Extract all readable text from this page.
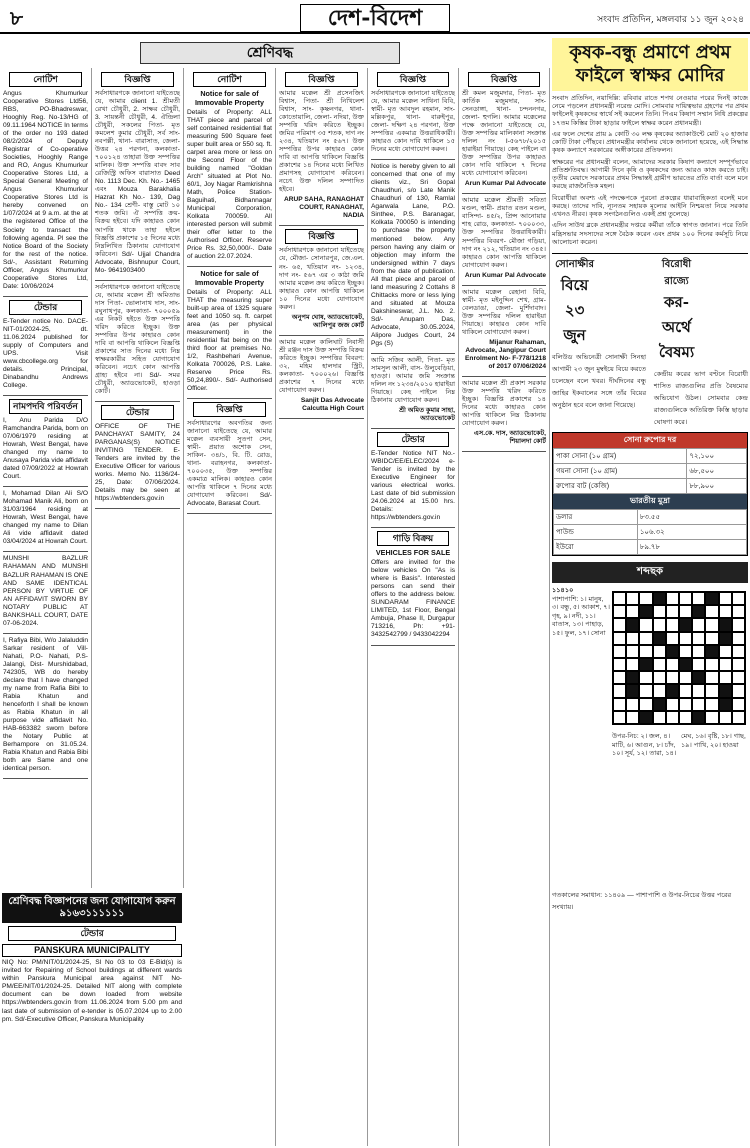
৮	দেশ-বিদেশ	সংবাদ প্রতিদিন, মঙ্গলবার ১১ জুন ২০২৪
শ্রেণিবদ্ধ
নোটিশ

Angus Khumurkur Cooperative Stores Ltd56, RBS, PO-Bhadreswar, Hooghly Reg. No-13/HG of 09.11.1964 NOTICE In terms of the order no 193 dated 08/2/2024 of Deputy Registrar of Co-operative Societies, Hooghly Range and RO, Angus Khumurkur Cooperative Stores Ltd, a Special General Meeting of Angus Khumurkur Cooperative Stores Ltd is hereby convened on 1/07/2024 at 9 a.m. at the at the registered Office of the Society to transact the following agenda. Pl see the Notice Board of the Society for the rest of the notice. Sd/-, Assistant Returning Officer, Angus Khumurkur Cooperative Stores Ltd, Date: 10/06/2024

টেন্ডার

E-Tender notice No. DACE-NIT-01/2024-25, dt. 11.06.2024 published for supply of Computers and UPS. Visit www.cbcollege.org for details. Principal, Dinabandhu Andrews College.

নামপদবি পরিবর্তন

I, Anu Parida D/O Ramchandra Parida, born on 07/06/1979 residing at Howrah, West Bengal, have changed my name to Anusaya Parida vide affidavit dated 07/09/2022 at Howrah Court.

I, Mohamad Dilan Ali S/O Mohamad Manik Ali, born on 31/03/1964 residing at Howrah, West Bengal, have changed my name to Dilan Ali vide affidavit dated 03/04/2024 at Howrah Court.

MUNSHI BAZLUR RAHAMAN AND MUNSHI BAZLUR RAHAMAN IS ONE AND SAME IDENTICAL PERSON BY VIRTUE OF AN AFFIDAVIT SWORN BY NOTARY PUBLIC AT BANKSHALL COURT, DATE 07-06-2024.

I, Rafiya Bibi, W/o Jalaluddin Sarkar resident of Vill- Nahati, P.O- Nahati, P.S- Jalangi, Dist- Murshidabad, 742305, WB do hereby declare that I have changed my name from Rafia Bibi to Rabia Khatun and henceforth I shall be known as Rabia Khatun in all purpose vide affidavit No. HAB-663382 sworn before the Notary Public at Berhampore on 31.05.24. Rabia Khatun and Rabia Bibi both are Same and one identical person.

বিজ্ঞপ্তি

সর্বসাধারণকে জানানো যাইতেছে যে, আমার client 1. শ্রীমতী রেখা চৌধুরী, 2. সাক্ষর চৌধুরী, 3. সায়ন্তনী চৌধুরী, 4. ঐন্দ্রিলা চৌধুরী, সকলের পিতা- মৃত কমলেশ কুমার চৌধুরী, সর্ব সাং- নবপল্লী, থানা- বারাসাত, জেলা- উত্তর ২৪ পরগনা, কলকাতা- ৭০০১২৪ তাহারা উক্ত সম্পত্তির মালিক। উক্ত সম্পত্তি বাবদ সাব রেজিস্ট্রি অফিস বারাসাত Deed No. 1113 Dec. Kh. No.- 1465 এবং Mouza Barakhalia Hazrat Kh No.- 139, Dag No.- 134 শ্রেণী- বাস্তু মোট ১০ শতক জমি। ঐ সম্পত্তি ক্রয়-বিক্রয় হইবে। যদি কাহারও কোন আপত্তি থাকে তাহা হইলে বিজ্ঞপ্তি প্রকাশের ১৫ দিনের মধ্যে নিম্নলিখিত ঠিকানায় যোগাযোগ করিবেন। Sd/- Ujjal Chandra Advocate, Bishnupur Court, Mo- 9641903400

সর্বসাধারণকে জানানো যাইতেছে যে, আমার মক্কেল শ্রী অমিতাভ দাস পিতা- ভোলানাথ দাস, সাং- রঘুনাথপুর, কলকাতা- ৭০০০৫৯ এর নিকট হইতে উক্ত সম্পত্তি খরিদ করিতে ইচ্ছুক। উক্ত সম্পত্তির উপর কাহারও কোন দাবি বা আপত্তি থাকিলে বিজ্ঞপ্তি প্রকাশের সাত দিনের মধ্যে নিম্ন স্বাক্ষরকারীর সহিত যোগাযোগ করিবেন। নচেৎ কোন আপত্তি গ্রাহ্য হইবে না। Sd/- সমর চৌধুরী, অ্যাডভোকেট, হাওড়া কোর্ট।

টেন্ডার

OFFICE OF THE PANCHAYAT SAMITY, 24 PARGANAS(S) NOTICE INVITING TENDER. E-Tenders are invited by the Executive Officer for various works. Memo No. 1136/24-25, Date: 07/06/2024. Details may be seen at https://wbtenders.gov.in

নোটিশ
Notice for sale of Immovable Property

Details of Property: ALL THAT piece and parcel of self contained residential flat measuring 590 Square feet super built area or 550 sq. ft. carpet area more or less on the Second Floor of the building named "Goldan Arch" situated at Plot No. 60/1, Joy Nagar Ramkrishna Math, Police Station- Baguihati, Bidhannagar Municipal Corporation, Kolkata 700059. All interested person will submit their offer letter to the Authorised Officer. Reserve Price Rs. 32,50,000/-. Date of auction 22.07.2024.

Notice for sale of Immovable Property

Details of Property: ALL THAT the measuring super built-up area of 1325 square feet and 1050 sq. ft. carpet area (as per physical measurement) in the residential flat being on the third floor at premises No. 1/2, Rashbehari Avenue, Kolkata 700026, P.S. Lake. Reserve Price Rs. 50,24,890/-. Sd/- Authorised Officer.

বিজ্ঞপ্তি

সর্বসাধারণের অবগতির জন্য জানানো যাইতেছে যে, আমার মক্কেল ব্যবসায়ী সুতপা সেন, স্বামী- প্রয়াত অশোক সেন, সাকিন- ৩৪/১, বি. টি. রোড, থানা- বরাহনগর, কলকাতা- ৭০০০৩৫, উক্ত সম্পত্তির একমাত্র মালিক। কাহারও কোন আপত্তি থাকিলে ৭ দিনের মধ্যে যোগাযোগ করিবেন। Sd/- Advocate, Barasat Court.

বিজ্ঞপ্তি

আমার মক্কেল শ্রী প্রসেনজিৎ বিশ্বাস, পিতা- শ্রী নিখিলেশ বিশ্বাস, সাং- কৃষ্ণনগর, থানা- কোতোয়ালি, জেলা- নদিয়া, উক্ত সম্পত্তি খরিদ করিতে ইচ্ছুক। জমির পরিমাণ ৩৫ শতক, দাগ নং ২৩৪, খতিয়ান নং ৫৬৭। উক্ত সম্পত্তির উপর কাহারও কোন দাবি বা আপত্তি থাকিলে বিজ্ঞপ্তি প্রকাশের ১৪ দিনের মধ্যে লিখিত প্রমাণসহ যোগাযোগ করিবেন। নচেৎ উক্ত দলিল সম্পাদিত হইবে।

ARUP SAHA, RANAGHAT COURT, RANAGHAT, NADIA

বিজ্ঞপ্তি

সর্বসাধারণকে জানানো যাইতেছে যে, মৌজা- সোনারপুর, জে.এল. নং- ৬৫, খতিয়ান নং- ১২৩৪, দাগ নং- ৫৬৭ এর ৩ কাঠা জমি আমার মক্কেল ক্রয় করিতে ইচ্ছুক। কাহারও কোন আপত্তি থাকিলে ১০ দিনের মধ্যে যোগাযোগ করুন।

অনুপম ঘোষ, অ্যাডভোকেট, আলিপুর জজ কোর্ট

আমার মক্কেল কালিঘাট নিবাসী শ্রী রঞ্জন দাস উক্ত সম্পত্তি বিক্রয় করিতে ইচ্ছুক। সম্পত্তির বিবরণ: ৩২, মহিম হালদার স্ট্রিট, কলকাতা- ৭০০০২৬। বিজ্ঞপ্তি প্রকাশের ৭ দিনের মধ্যে যোগাযোগ করুন।

Sanjit Das Advocate Calcutta High Court

বিজ্ঞপ্তি

সর্বসাধারণকে জানানো যাইতেছে যে, আমার মক্কেল সাথিনা বিবি, স্বামী- মৃত আবদুল রহমান, সাং- মল্লিকপুর, থানা- বারুইপুর, জেলা- দক্ষিণ ২৪ পরগনা, উক্ত সম্পত্তির একমাত্র উত্তরাধিকারী। কাহারও কোন দাবি থাকিলে ১৫ দিনের মধ্যে যোগাযোগ করুন।

Notice is hereby given to all concerned that one of my clients viz., Sri Gopal Chaudhuri, s/o Late Manik Chaudhuri of 130, Ramlal Agarwala Lane, P.O. Sinthee, P.S. Baranagar, Kolkata 700050 is intending to purchase the property mentioned below. Any person having any claim or objection may inform the undersigned within 7 days from the date of publication. All that piece and parcel of land measuring 2 Cottahs 8 Chittacks more or less lying and situated at Mouza Dakshineswar, J.L. No. 2. Sd/- Anupam Das, Advocate, 30.05.2024, Alipore Judges Court, 24 Pgs (S)

আমি সজিব আলী, পিতা- মৃত সামসুল আলী, বাস- উলুবেড়িয়া, হাওড়া। আমার জমি সংক্রান্ত দলিল নং ১২৩৪/২০১০ হারাইয়া গিয়াছে। কেহ পাইলে নিম্ন ঠিকানায় যোগাযোগ করুন।

শ্রী অমিত কুমার সাহা, অ্যাডভোকেট

টেন্ডার

E-Tender Notice NIT No.- WBIDC/EE/ELEC/2024 e-Tender is invited by the Executive Engineer for various electrical works. Last date of bid submission 24.06.2024 at 15.00 hrs. Details: https://wbtenders.gov.in

গাড়ি বিক্রয়
VEHICLES FOR SALE

Offers are invited for the below vehicles On "As is where is Basis". Interested persons can send their offers to the address below. SUNDARAM FINANCE LIMITED, 1st Floor, Bengal Ambuja, Phase II, Durgapur 713216, Ph: +91-3432542799 / 9433042294

বিজ্ঞপ্তি

শ্রী কমল মজুমদার, পিতা- মৃত কার্তিক মজুমদার, সাং- সেনডাঙ্গা, থানা- চন্দননগর, জেলা- হুগলি। আমার মক্কেলের পক্ষে জানানো যাইতেছে যে, উক্ত সম্পত্তির মালিকানা সংক্রান্ত দলিল নং I-৫৬৭৮/২০১৫ হারাইয়া গিয়াছে। কেহ পাইলে বা উক্ত সম্পত্তির উপর কাহারও কোন দাবি থাকিলে ৭ দিনের মধ্যে যোগাযোগ করিবেন।

Arun Kumar Pal Advocate

আমার মক্কেল শ্রীমতী সবিতা মণ্ডল, স্বামী- প্রয়াত রতন মণ্ডল, বাসিন্দা- ৪৫/২, প্রিন্স আনোয়ার শাহ রোড, কলকাতা- ৭০০০৩৩, উক্ত সম্পত্তির উত্তরাধিকারী। সম্পত্তির বিবরণ- মৌজা গড়িয়া, দাগ নং ২১২, খতিয়ান নং ৩৪৫। কাহারও কোন আপত্তি থাকিলে যোগাযোগ করুন।

Arun Kumar Pal Advocate

আমার মক্কেল রেহানা বিবি, স্বামী- মৃত মইনুদ্দিন শেখ, গ্রাম- বেলডাঙা, জেলা- মুর্শিদাবাদ। উক্ত সম্পত্তির দলিল হারাইয়া গিয়াছে। কাহারও কোন দাবি থাকিলে যোগাযোগ করুন।

Mijanur Rahaman, Advocate, Jangipur Court Enrolment No- F-778/1218 of 2017 07/06/2024

আমার মক্কেল শ্রী প্রকাশ সরকার উক্ত সম্পত্তি খরিদ করিতে ইচ্ছুক। বিজ্ঞপ্তি প্রকাশের ১৪ দিনের মধ্যে কাহারও কোন আপত্তি থাকিলে নিম্ন ঠিকানায় যোগাযোগ করুন।

এস.কে. দাস, অ্যাডভোকেট, শিয়ালদা কোর্ট

শ্রেণিবদ্ধ বিজ্ঞাপনের জন্য যোগাযোগ করুন ৯১৬৩১১১১১১
টেন্ডার
PANSKURA MUNICIPALITY

NIQ No: PM/NIT/01/2024-25, Sl No 03 to 03 E-Bid(s) is invited for Repairing of School buildings at different wards within Panskura Municipal area against NIT No-PM/EE/NIT/01/2024-25. Detailed NIT along with complete document can be down loaded from website https://wbtenders.gov.in from 11.06.2024 from 5.00 pm and last date of submission of e-tender is 05.07.2024 up to 2.00 pm. Sd/-Executive Officer, Panskura Municipality

কৃষক-বন্ধু প্রমাণে প্রথম ফাইলে স্বাক্ষর মোদির

সংবাদ প্রতিদিন, নয়াদিল্লি: রবিবার রাতে শপথ নেওয়ার পরের দিনই কাজে নেমে পড়লেন প্রধানমন্ত্রী নরেন্দ্র মোদি। সোমবার দায়িত্বভার গ্রহণের পর প্রথম ফাইলেই কৃষকদের স্বার্থে সই করলেন তিনি। পিএম কিষাণ সম্মান নিধি প্রকল্পের ১৭তম কিস্তির টাকা ছাড়ার ফাইলে স্বাক্ষর করেন প্রধানমন্ত্রী।

এর ফলে দেশের প্রায় ৯ কোটি ৩০ লক্ষ কৃষকের অ্যাকাউন্টে মোট ২০ হাজার কোটি টাকা পৌঁছবে। প্রধানমন্ত্রীর কার্যালয় থেকে জানানো হয়েছে, এই সিদ্ধান্ত কৃষক কল্যাণে সরকারের অঙ্গীকারের প্রতিফলন।

স্বাক্ষরের পর প্রধানমন্ত্রী বলেন, আমাদের সরকার কিষাণ কল্যাণে সম্পূর্ণভাবে প্রতিশ্রুতিবদ্ধ। আগামী দিনে কৃষি ও কৃষকদের জন্য আরও কাজ করতে চাই। তৃতীয় মেয়াদে সরকারের প্রথম সিদ্ধান্তই গ্রামীণ ভারতের প্রতি বার্তা বলে মনে করছে রাজনৈতিক মহল।

বিরোধীরা অবশ্য এই পদক্ষেপকে পুরনো প্রকল্পের ধারাবাহিকতা বলেই মনে করছে। তাদের দাবি, ন্যূনতম সহায়ক মূল্যের আইনি নিশ্চয়তা নিয়ে সরকার এখনও নীরব। কৃষক সংগঠনগুলিও একই প্রশ্ন তুলেছে।

এদিন সাউথ ব্লকে প্রধানমন্ত্রীর দপ্তরে কর্মীরা তাঁকে স্বাগত জানান। পরে তিনি মন্ত্রিসভার সদস্যদের সঙ্গে বৈঠক করেন এবং প্রথম ১০০ দিনের কর্মসূচি নিয়ে আলোচনা করেন।

সোনাক্ষীর
বিয়ে ২৩ জুন

বলিউড অভিনেত্রী সোনাক্ষী সিনহা আগামী ২৩ জুন মুম্বইয়ে বিয়ে করতে চলেছেন বলে খবর। দীর্ঘদিনের বন্ধু জাহির ইকবালের সঙ্গে তাঁর বিয়ের অনুষ্ঠান হবে বলে জানা গিয়েছে।

বিরোধী রাজ্যে
কর-অর্থে বৈষম্য

কেন্দ্রীয় করের ভাগ বণ্টনে বিরোধী শাসিত রাজ্যগুলির প্রতি বৈষম্যের অভিযোগ উঠল। সোমবার কেন্দ্র রাজ্যগুলিকে অতিরিক্ত কিস্তি ছাড়ার ঘোষণা করে।

সোনা রুপোর দর
পাকা সোনা (১০ গ্রাম)	৭২,১০০
গয়না সোনা (১০ গ্রাম)	৬৮,৫০০
রুপোর বাট (কেজি)	৮৮,৯০০
ভারতীয় মুদ্রা
ডলার	৮৩.৫৫
পাউন্ড	১০৬.৩২
ইউরো	৮৯.৭৮
শব্দছক
১১৪১০
পাশাপাশি: ১। মানুষ, ৩। বন্ধু, ৫। আকাশ, ৭। গৃহ, ৯। নদী, ১১। বাতাস, ১৩। পাহাড়, ১৫। ফুল, ১৭। সোনা
উপর-নিচ: ২। জল, ৪। মাটি, ৬। আগুন, ৮। চাঁদ, ১০। সূর্য, ১২। তারা, ১৪। মেঘ, ১৬। বৃষ্টি, ১৮। গাছ, ১৯। পাখি, ২০। হাওয়া
গতকালের সমাধান: ১১৪০৯ — পাশাপাশি ও উপর-নিচের উত্তর পরের সংখ্যায়।
